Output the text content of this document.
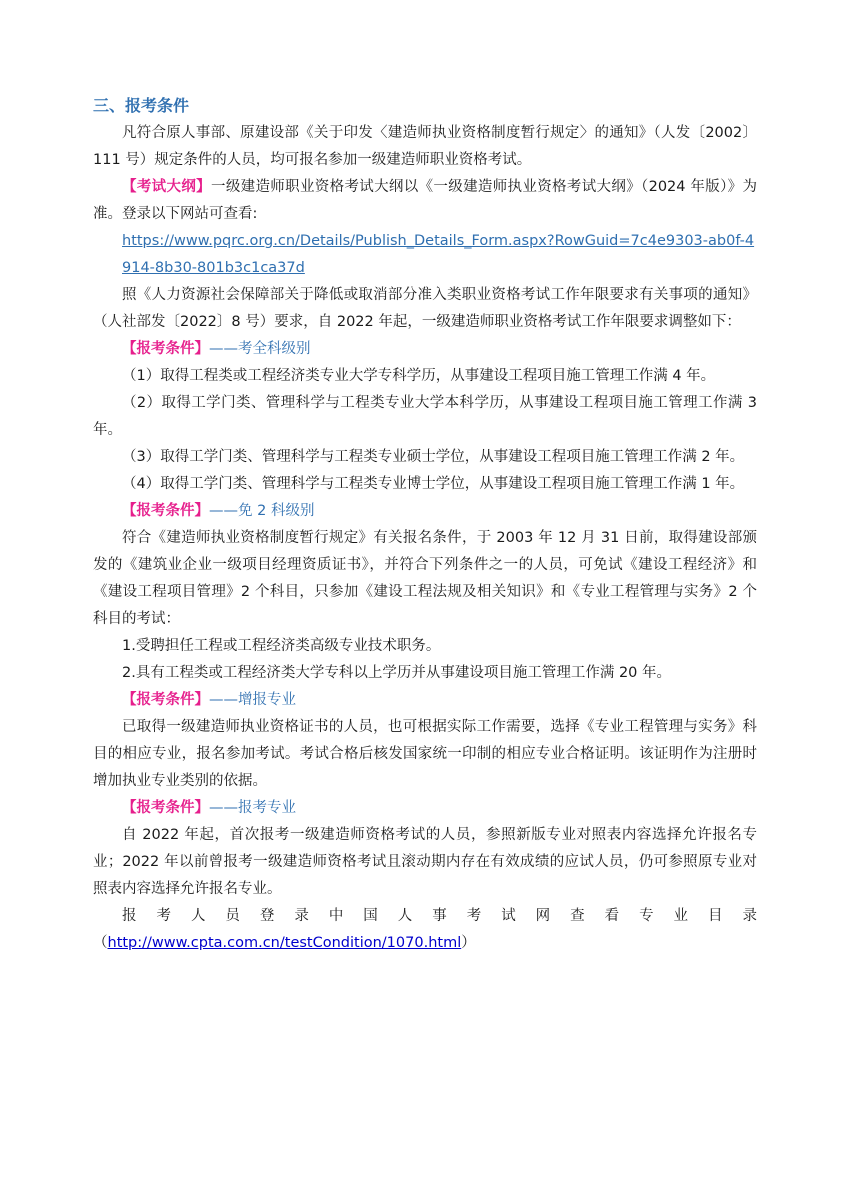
三、报考条件

凡符合原人事部、原建设部《关于印发〈建造师执业资格制度暂行规定〉的通知》（人发〔2002〕111 号）规定条件的人员，均可报名参加一级建造师职业资格考试。

【考试大纲】一级建造师职业资格考试大纲以《一级建造师执业资格考试大纲》（2024 年版）》为准。登录以下网站可查看:

https://www.pqrc.org.cn/Details/Publish_Details_Form.aspx?RowGuid=7c4e9303-ab0f-4914-8b30-801b3c1ca37d

照《人力资源社会保障部关于降低或取消部分准入类职业资格考试工作年限要求有关事项的通知》（人社部发〔2022〕8 号）要求，自 2022 年起，一级建造师职业资格考试工作年限要求调整如下：

【报考条件】——考全科级别

（1）取得工程类或工程经济类专业大学专科学历，从事建设工程项目施工管理工作满 4 年。

（2）取得工学门类、管理科学与工程类专业大学本科学历，从事建设工程项目施工管理工作满 3 年。

（3）取得工学门类、管理科学与工程类专业硕士学位，从事建设工程项目施工管理工作满 2 年。

（4）取得工学门类、管理科学与工程类专业博士学位，从事建设工程项目施工管理工作满 1 年。

【报考条件】——免 2 科级别

符合《建造师执业资格制度暂行规定》有关报名条件，于 2003 年 12 月 31 日前，取得建设部颁发的《建筑业企业一级项目经理资质证书》，并符合下列条件之一的人员，可免试《建设工程经济》和《建设工程项目管理》2 个科目，只参加《建设工程法规及相关知识》和《专业工程管理与实务》2 个科目的考试：

1.受聘担任工程或工程经济类高级专业技术职务。

2.具有工程类或工程经济类大学专科以上学历并从事建设项目施工管理工作满 20 年。

【报考条件】——增报专业

已取得一级建造师执业资格证书的人员，也可根据实际工作需要，选择《专业工程管理与实务》科目的相应专业，报名参加考试。考试合格后核发国家统一印制的相应专业合格证明。该证明作为注册时增加执业专业类别的依据。

【报考条件】——报考专业

自 2022 年起，首次报考一级建造师资格考试的人员，参照新版专业对照表内容选择允许报名专业；2022 年以前曾报考一级建造师资格考试且滚动期内存在有效成绩的应试人员，仍可参照原专业对照表内容选择允许报名专业。

报考人员登录中国人事考试网查看专业目录（http://www.cpta.com.cn/testCondition/1070.html）
